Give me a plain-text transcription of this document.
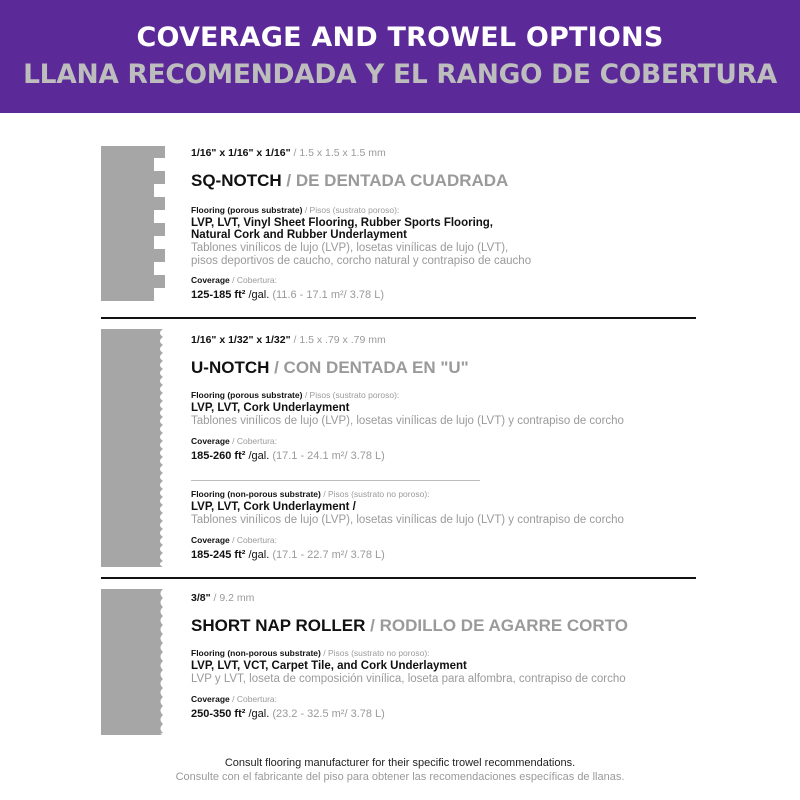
COVERAGE AND TROWEL OPTIONS
LLANA RECOMENDADA Y EL RANGO DE COBERTURA
1/16" x 1/16" x 1/16" / 1.5 x 1.5 x 1.5 mm
SQ-NOTCH / DE DENTADA CUADRADA
Flooring (porous substrate) / Pisos (sustrato poroso):
LVP, LVT, Vinyl Sheet Flooring, Rubber Sports Flooring,
Natural Cork and Rubber Underlayment
Tablones vinílicos de lujo (LVP), losetas vinílicas de lujo (LVT),
pisos deportivos de caucho, corcho natural y contrapiso de caucho
Coverage / Cobertura:
125-185 ft² /gal. (11.6 - 17.1 m²/ 3.78 L)
1/16" x 1/32" x 1/32" / 1.5 x .79 x .79 mm
U-NOTCH / CON DENTADA EN "U"
Flooring (porous substrate) / Pisos (sustrato poroso):
LVP, LVT, Cork Underlayment
Tablones vinílicos de lujo (LVP), losetas vinílicas de lujo (LVT) y contrapiso de corcho
Coverage / Cobertura:
185-260 ft² /gal. (17.1 - 24.1 m²/ 3.78 L)
Flooring (non-porous substrate) / Pisos (sustrato no poroso):
LVP, LVT, Cork Underlayment /
Tablones vinílicos de lujo (LVP), losetas vinílicas de lujo (LVT) y contrapiso de corcho
Coverage / Cobertura:
185-245 ft² /gal. (17.1 - 22.7 m²/ 3.78 L)
3/8" / 9.2 mm
SHORT NAP ROLLER / RODILLO DE AGARRE CORTO
Flooring (non-porous substrate) / Pisos (sustrato no poroso):
LVP, LVT, VCT, Carpet Tile, and Cork Underlayment
LVP y LVT, loseta de composición vinílica, loseta para alfombra, contrapiso de corcho
Coverage / Cobertura:
250-350 ft² /gal. (23.2 - 32.5 m²/ 3.78 L)
Consult flooring manufacturer for their specific trowel recommendations.
Consulte con el fabricante del piso para obtener las recomendaciones específicas de llanas.
